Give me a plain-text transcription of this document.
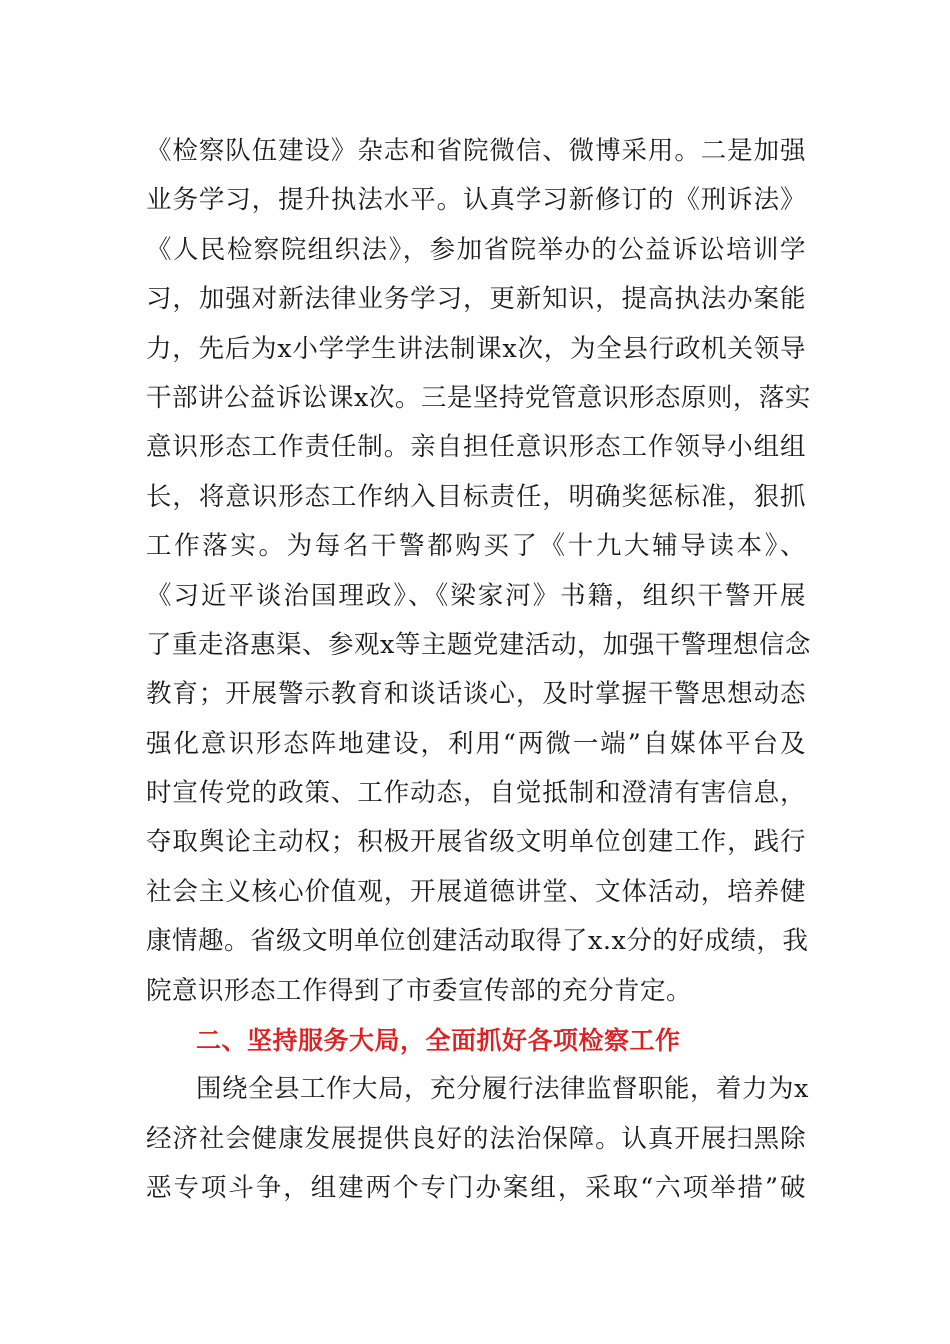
《检察队伍建设》杂志和省院微信、微博采用。二是加强
业务学习，提升执法水平。认真学习新修订的《刑诉法》
《人民检察院组织法》，参加省院举办的公益诉讼培训学
习，加强对新法律业务学习，更新知识，提高执法办案能
力，先后为x小学学生讲法制课x次，为全县行政机关领导
干部讲公益诉讼课x次。三是坚持党管意识形态原则，落实
意识形态工作责任制。亲自担任意识形态工作领导小组组
长，将意识形态工作纳入目标责任，明确奖惩标准，狠抓
工作落实。为每名干警都购买了《十九大辅导读本》、
《习近平谈治国理政》、《梁家河》书籍，组织干警开展
了重走洛惠渠、参观x等主题党建活动，加强干警理想信念
教育；开展警示教育和谈话谈心，及时掌握干警思想动态
强化意识形态阵地建设，利用“两微一端”自媒体平台及
时宣传党的政策、工作动态，自觉抵制和澄清有害信息，
夺取舆论主动权；积极开展省级文明单位创建工作，践行
社会主义核心价值观，开展道德讲堂、文体活动，培养健
康情趣。省级文明单位创建活动取得了x.x分的好成绩，我
院意识形态工作得到了市委宣传部的充分肯定。
二、坚持服务大局，全面抓好各项检察工作
围绕全县工作大局，充分履行法律监督职能，着力为x
经济社会健康发展提供良好的法治保障。认真开展扫黑除
恶专项斗争，组建两个专门办案组，采取“六项举措”破
